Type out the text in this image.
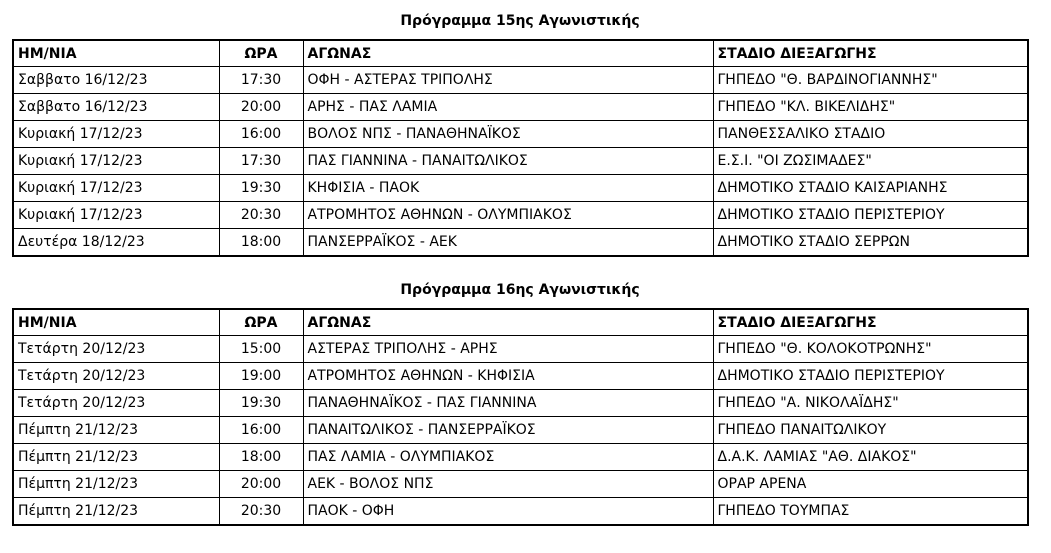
Πρόγραμμα 15ης Αγωνιστικής
ΗΜ/ΝΙΑ	ΩΡΑ	ΑΓΩΝΑΣ	ΣΤΑΔΙΟ ΔΙΕΞΑΓΩΓΗΣ
Σαββατο 16/12/23	17:30	ΟΦΗ - ΑΣΤΕΡΑΣ ΤΡΙΠΟΛΗΣ	ΓΗΠΕΔΟ "Θ. ΒΑΡΔΙΝΟΓΙΑΝΝΗΣ"
Σαββατο 16/12/23	20:00	ΑΡΗΣ - ΠΑΣ ΛΑΜΙΑ	ΓΗΠΕΔΟ "ΚΛ. ΒΙΚΕΛΙΔΗΣ"
Κυριακή 17/12/23	16:00	ΒΟΛΟΣ ΝΠΣ - ΠΑΝΑΘΗΝΑΪΚΟΣ	ΠΑΝΘΕΣΣΑΛΙΚΟ ΣΤΑΔΙΟ
Κυριακή 17/12/23	17:30	ΠΑΣ ΓΙΑΝΝΙΝΑ - ΠΑΝΑΙΤΩΛΙΚΟΣ	Ε.Σ.Ι. "ΟΙ ΖΩΣΙΜΑΔΕΣ"
Κυριακή 17/12/23	19:30	ΚΗΦΙΣΙΑ - ΠΑΟΚ	ΔΗΜΟΤΙΚΟ ΣΤΑΔΙΟ ΚΑΙΣΑΡΙΑΝΗΣ
Κυριακή 17/12/23	20:30	ΑΤΡΟΜΗΤΟΣ ΑΘΗΝΩΝ - ΟΛΥΜΠΙΑΚΟΣ	ΔΗΜΟΤΙΚΟ ΣΤΑΔΙΟ ΠΕΡΙΣΤΕΡΙΟΥ
Δευτέρα 18/12/23	18:00	ΠΑΝΣΕΡΡΑΪΚΟΣ - ΑΕΚ	ΔΗΜΟΤΙΚΟ ΣΤΑΔΙΟ ΣΕΡΡΩΝ
Πρόγραμμα 16ης Αγωνιστικής
ΗΜ/ΝΙΑ	ΩΡΑ	ΑΓΩΝΑΣ	ΣΤΑΔΙΟ ΔΙΕΞΑΓΩΓΗΣ
Τετάρτη 20/12/23	15:00	ΑΣΤΕΡΑΣ ΤΡΙΠΟΛΗΣ - ΑΡΗΣ	ΓΗΠΕΔΟ "Θ. ΚΟΛΟΚΟΤΡΩΝΗΣ"
Τετάρτη 20/12/23	19:00	ΑΤΡΟΜΗΤΟΣ ΑΘΗΝΩΝ - ΚΗΦΙΣΙΑ	ΔΗΜΟΤΙΚΟ ΣΤΑΔΙΟ ΠΕΡΙΣΤΕΡΙΟΥ
Τετάρτη 20/12/23	19:30	ΠΑΝΑΘΗΝΑΪΚΟΣ - ΠΑΣ ΓΙΑΝΝΙΝΑ	ΓΗΠΕΔΟ "Α. ΝΙΚΟΛΑΪΔΗΣ"
Πέμπτη 21/12/23	16:00	ΠΑΝΑΙΤΩΛΙΚΟΣ - ΠΑΝΣΕΡΡΑΪΚΟΣ	ΓΗΠΕΔΟ ΠΑΝΑΙΤΩΛΙΚΟΥ
Πέμπτη 21/12/23	18:00	ΠΑΣ ΛΑΜΙΑ - ΟΛΥΜΠΙΑΚΟΣ	Δ.Α.Κ. ΛΑΜΙΑΣ "ΑΘ. ΔΙΑΚΟΣ"
Πέμπτη 21/12/23	20:00	ΑΕΚ - ΒΟΛΟΣ ΝΠΣ	ΟΡΑΡ ΑΡΕΝΑ
Πέμπτη 21/12/23	20:30	ΠΑΟΚ - ΟΦΗ	ΓΗΠΕΔΟ ΤΟΥΜΠΑΣ
